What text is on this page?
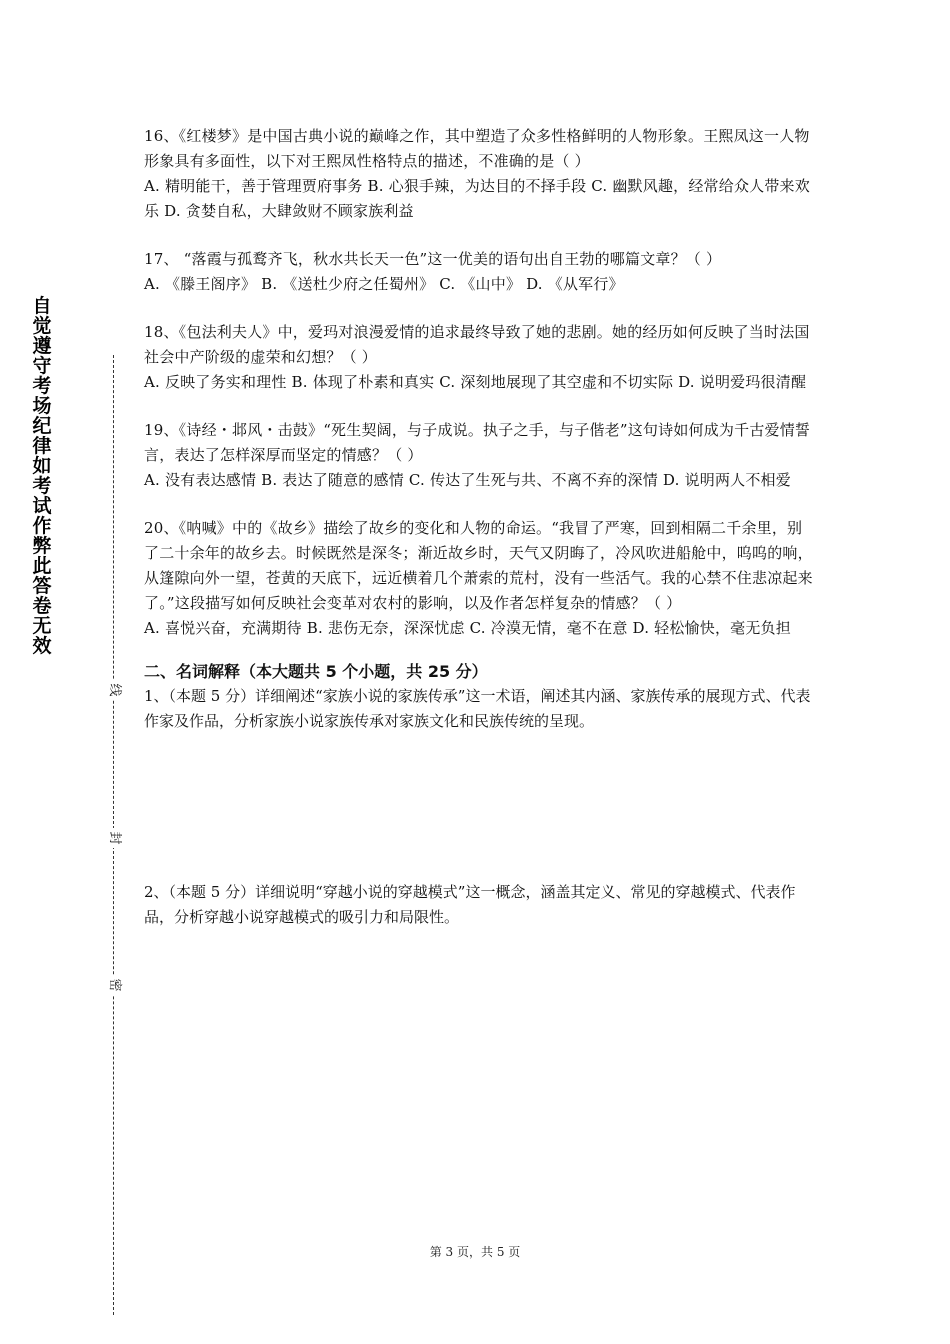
自觉遵守考场纪律如考试作弊此答卷无效
线
封
密

16、《红楼梦》是中国古典小说的巅峰之作，其中塑造了众多性格鲜明的人物形象。王熙凤这一人物形象具有多面性，以下对王熙凤性格特点的描述，不准确的是（ ）

A. 精明能干，善于管理贾府事务 B. 心狠手辣，为达目的不择手段 C. 幽默风趣，经常给众人带来欢乐 D. 贪婪自私，大肆敛财不顾家族利益

17、 “落霞与孤鹜齐飞，秋水共长天一色”这一优美的语句出自王勃的哪篇文章？（ ）

A. 《滕王阁序》 B. 《送杜少府之任蜀州》 C. 《山中》 D. 《从军行》

18、《包法利夫人》中，爱玛对浪漫爱情的追求最终导致了她的悲剧。她的经历如何反映了当时法国社会中产阶级的虚荣和幻想？（ ）

A. 反映了务实和理性 B. 体现了朴素和真实 C. 深刻地展现了其空虚和不切实际 D. 说明爱玛很清醒

19、《诗经・邶风・击鼓》“死生契阔，与子成说。执子之手，与子偕老”这句诗如何成为千古爱情誓言，表达了怎样深厚而坚定的情感？（ ）

A. 没有表达感情 B. 表达了随意的感情 C. 传达了生死与共、不离不弃的深情 D. 说明两人不相爱

20、《呐喊》中的《故乡》描绘了故乡的变化和人物的命运。“我冒了严寒，回到相隔二千余里，别了二十余年的故乡去。时候既然是深冬；渐近故乡时，天气又阴晦了，冷风吹进船舱中，呜呜的响，从篷隙向外一望，苍黄的天底下，远近横着几个萧索的荒村，没有一些活气。我的心禁不住悲凉起来了。”这段描写如何反映社会变革对农村的影响，以及作者怎样复杂的情感？（ ）

A. 喜悦兴奋，充满期待 B. 悲伤无奈，深深忧虑 C. 冷漠无情，毫不在意 D. 轻松愉快，毫无负担

二、名词解释（本大题共 5 个小题，共 25 分）

1、（本题 5 分）详细阐述“家族小说的家族传承”这一术语，阐述其内涵、家族传承的展现方式、代表作家及作品，分析家族小说家族传承对家族文化和民族传统的呈现。

2、（本题 5 分）详细说明“穿越小说的穿越模式”这一概念，涵盖其定义、常见的穿越模式、代表作品，分析穿越小说穿越模式的吸引力和局限性。

第 3 页，共 5 页
